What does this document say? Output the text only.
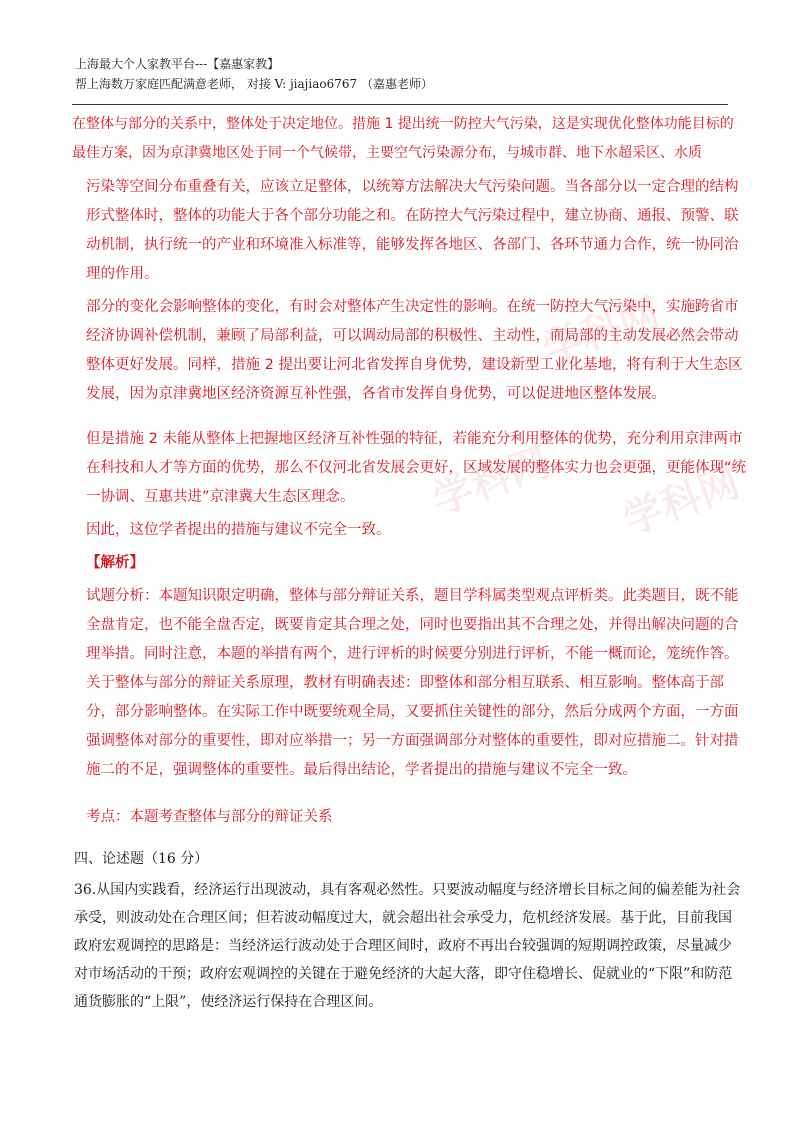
上海最大个人家教平台---【嘉惠家教】
帮上海数万家庭匹配满意老师， 对接 V: jiajiao6767 （嘉惠老师）
学科网
学科网 学科网
在整体与部分的关系中，整体处于决定地位。措施 1 提出统一防控大气污染，这是实现优化整体功能目标的最佳方案，因为京津冀地区处于同一个气候带，主要空气污染源分布，与城市群、地下水超采区、水质
污染等空间分布重叠有关，应该立足整体，以统筹方法解决大气污染问题。当各部分以一定合理的结构形式整体时，整体的功能大于各个部分功能之和。在防控大气污染过程中，建立协商、通报、预警、联动机制，执行统一的产业和环境准入标准等，能够发挥各地区、各部门、各环节通力合作，统一协同治理的作用。
部分的变化会影响整体的变化，有时会对整体产生决定性的影响。在统一防控大气污染中，实施跨省市经济协调补偿机制，兼顾了局部利益，可以调动局部的积极性、主动性，而局部的主动发展必然会带动整体更好发展。同样，措施 2 提出要让河北省发挥自身优势，建设新型工业化基地，将有利于大生态区发展，因为京津冀地区经济资源互补性强，各省市发挥自身优势，可以促进地区整体发展。
但是措施 2 未能从整体上把握地区经济互补性强的特征，若能充分利用整体的优势，充分利用京津两市在科技和人才等方面的优势，那么不仅河北省发展会更好，区域发展的整体实力也会更强，更能体现“统一协调、互惠共进”京津冀大生态区理念。
因此，这位学者提出的措施与建议不完全一致。
【解析】
试题分析：本题知识限定明确，整体与部分辩证关系，题目学科属类型观点评析类。此类题目，既不能全盘肯定，也不能全盘否定，既要肯定其合理之处，同时也要指出其不合理之处，并得出解决问题的合理举措。同时注意，本题的举措有两个，进行评析的时候要分别进行评析，不能一概而论，笼统作答。关于整体与部分的辩证关系原理，教材有明确表述：即整体和部分相互联系、相互影响。整体高于部分，部分影响整体。在实际工作中既要统观全局，又要抓住关键性的部分，然后分成两个方面，一方面强调整体对部分的重要性，即对应举措一；另一方面强调部分对整体的重要性，即对应措施二。针对措施二的不足，强调整体的重要性。最后得出结论，学者提出的措施与建议不完全一致。
考点：本题考查整体与部分的辩证关系
四、论述题（16 分）
36.从国内实践看，经济运行出现波动，具有客观必然性。只要波动幅度与经济增长目标之间的偏差能为社会承受，则波动处在合理区间；但若波动幅度过大，就会超出社会承受力，危机经济发展。基于此，目前我国政府宏观调控的思路是：当经济运行波动处于合理区间时，政府不再出台较强调的短期调控政策，尽量减少对市场活动的干预；政府宏观调控的关键在于避免经济的大起大落，即守住稳增长、促就业的“下限”和防范通货膨胀的“上限”，使经济运行保持在合理区间。
